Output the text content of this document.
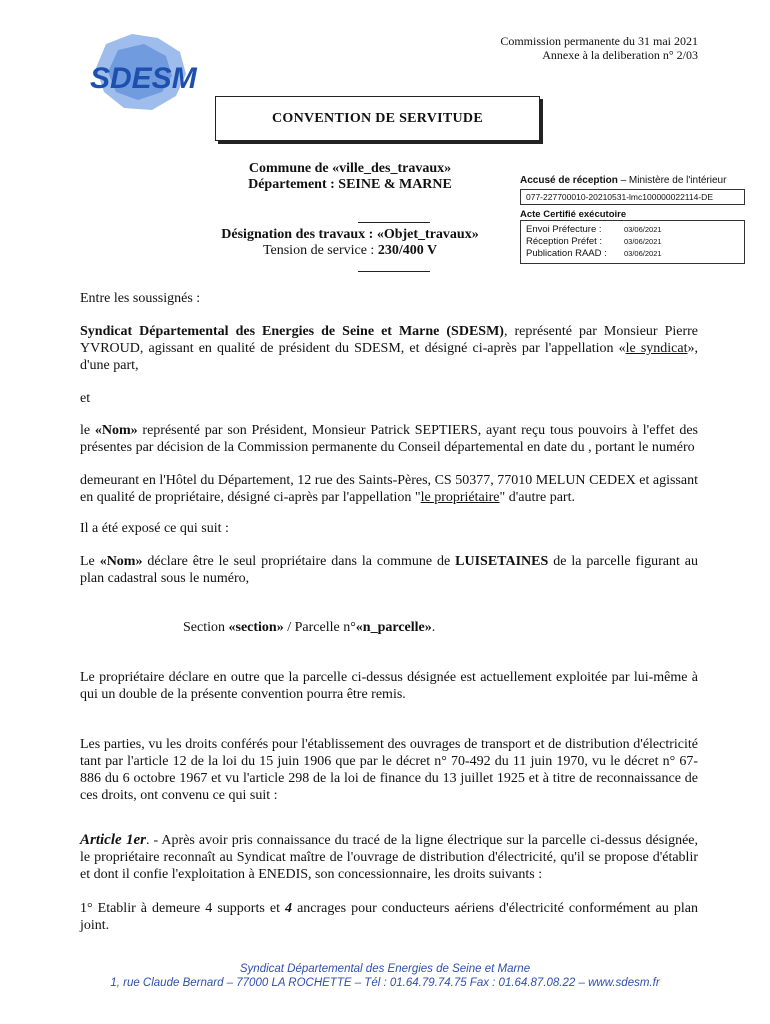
SDESM
Commission permanente du 31 mai 2021
Annexe à la deliberation n° 2/03
CONVENTION DE SERVITUDE
Commune de «ville_des_travaux»
Département : SEINE & MARNE
Désignation des travaux : «Objet_travaux»
Tension de service : 230/400 V
Accusé de réception – Ministère de l'intérieur
077-227700010-20210531-lmc100000022114-DE
Acte Certifié exécutoire
Envoi Préfecture :	03/06/2021
Réception Préfet :	03/06/2021
Publication RAAD : 03/06/2021
Entre les soussignés :
Syndicat Départemental des Energies de Seine et Marne (SDESM), représenté par Monsieur Pierre YVROUD, agissant en qualité de président du SDESM, et désigné ci-après par l'appellation «le syndicat», d'une part,
et
le «Nom» représenté par son Président, Monsieur Patrick SEPTIERS, ayant reçu tous pouvoirs à l'effet des présentes par décision de la Commission permanente du Conseil départemental en date du , portant le numéro
demeurant en l'Hôtel du Département, 12 rue des Saints-Pères, CS 50377, 77010 MELUN CEDEX et agissant en qualité de propriétaire, désigné ci-après par l'appellation "le propriétaire" d'autre part.
Il a été exposé ce qui suit :
Le «Nom» déclare être le seul propriétaire dans la commune de LUISETAINES de la parcelle figurant au plan cadastral sous le numéro,
Section «section» / Parcelle n°«n_parcelle».
Le propriétaire déclare en outre que la parcelle ci-dessus désignée est actuellement exploitée par lui-même à qui un double de la présente convention pourra être remis.
Les parties, vu les droits conférés pour l'établissement des ouvrages de transport et de distribution d'électricité tant par l'article 12 de la loi du 15 juin 1906 que par le décret n° 70-492 du 11 juin 1970, vu le décret n° 67-886 du 6 octobre 1967 et vu l'article 298 de la loi de finance du 13 juillet 1925 et à titre de reconnaissance de ces droits, ont convenu ce qui suit :
Article 1er. - Après avoir pris connaissance du tracé de la ligne électrique sur la parcelle ci-dessus désignée, le propriétaire reconnaît au Syndicat maître de l'ouvrage de distribution d'électricité, qu'il se propose d'établir et dont il confie l'exploitation à ENEDIS, son concessionnaire, les droits suivants :
1° Etablir à demeure 4 supports et 4 ancrages pour conducteurs aériens d'électricité conformément au plan joint.
Syndicat Départemental des Energies de Seine et Marne
1, rue Claude Bernard – 77000 LA ROCHETTE – Tél : 01.64.79.74.75 Fax : 01.64.87.08.22 – www.sdesm.fr
